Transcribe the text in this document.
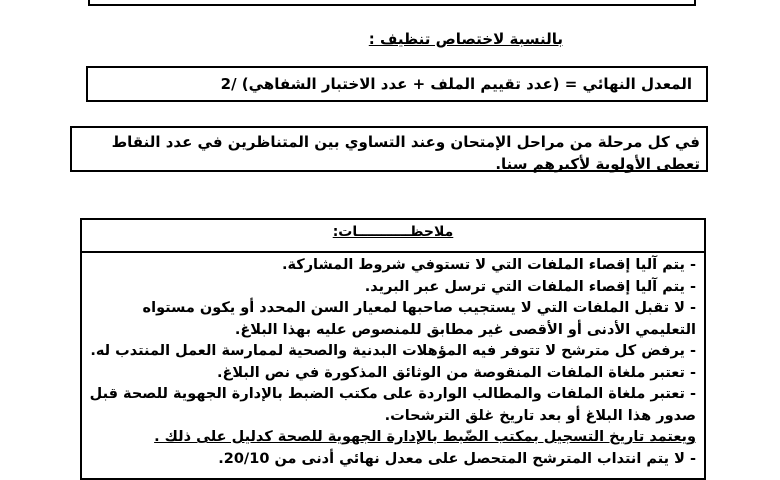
بالنسبة لاختصاص تنظيف :
المعدل النهائي = (عدد تقييم الملف + عدد الاختبار الشفاهي) /2
في كل مرحلة من مراحل الإمتحان وعند التساوي بين المتناظرين في عدد النقاط تعطى الأولوية لأكبرهم سنا.
ملاحظـــــــــــات:
- يتم آليا إقصاء الملفات التي لا تستوفي شروط المشاركة.
- يتم آليا إقصاء الملفات التي ترسل عبر البريد.
- لا تقبل الملفات التي لا يستجيب صاحبها لمعيار السن المحدد أو يكون مستواه التعليمي الأدنى أو الأقصى غير مطابق للمنصوص عليه بهذا البلاغ.
- يرفض كل مترشح لا تتوفر فيه المؤهلات البدنية والصحية لممارسة العمل المنتدب له.
- تعتبر ملغاة الملفات المنقوصة من الوثائق المذكورة في نص البلاغ.
- تعتبر ملغاة الملفات والمطالب الواردة على مكتب الضبط بالإدارة الجهوية للصحة قبل صدور هذا البلاغ أو بعد تاريخ غلق الترشحات.
ويعتمد تاريخ التسجيل بمكتب الضّبط بالإدارة الجهوية للصحة كدليل على ذلك .
- لا يتم انتداب المترشح المتحصل على معدل نهائي أدنى من 20/10.
